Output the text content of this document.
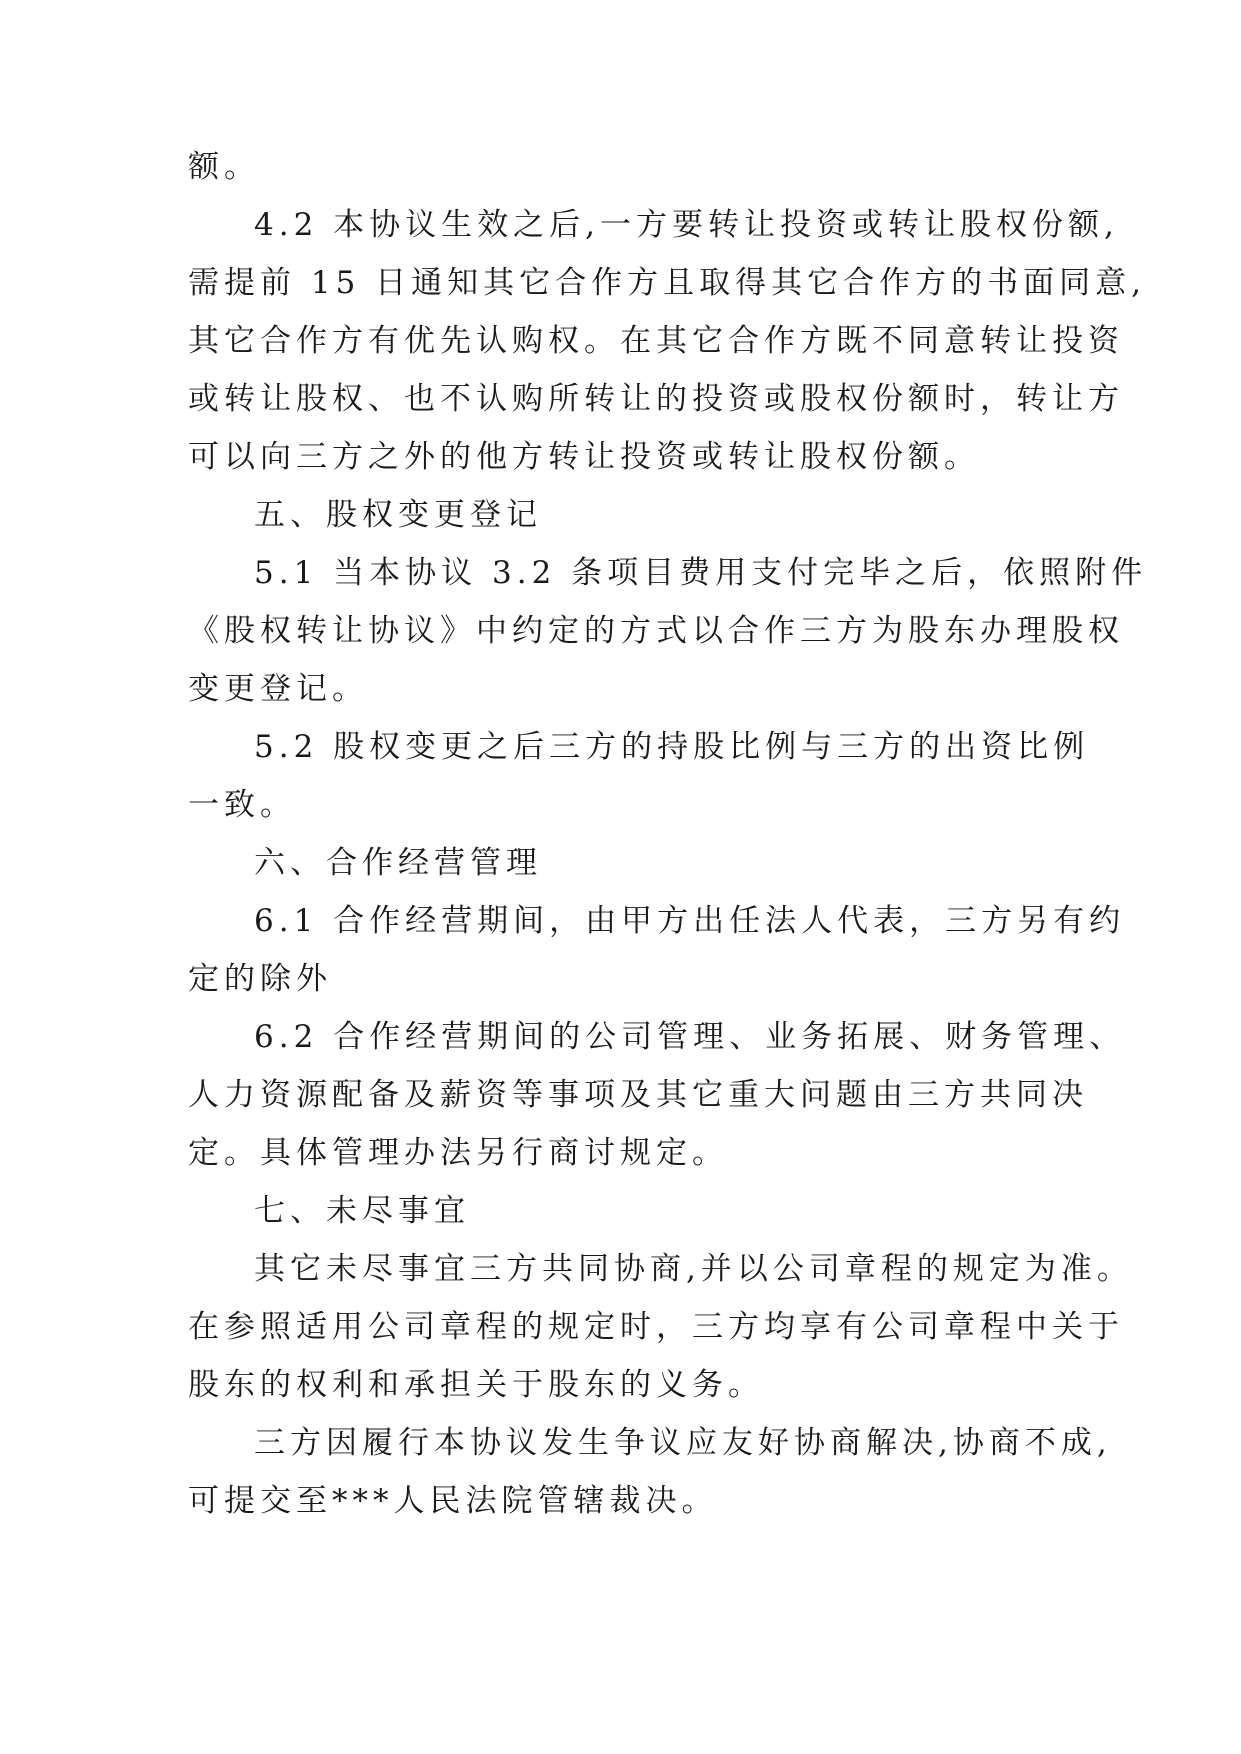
额。
4.2 本协议生效之后,一方要转让投资或转让股权份额,
需提前 15 日通知其它合作方且取得其它合作方的书面同意,
其它合作方有优先认购权。在其它合作方既不同意转让投资
或转让股权、也不认购所转让的投资或股权份额时，转让方
可以向三方之外的他方转让投资或转让股权份额。
五、股权变更登记
5.1 当本协议 3.2 条项目费用支付完毕之后，依照附件
《股权转让协议》中约定的方式以合作三方为股东办理股权
变更登记。
5.2 股权变更之后三方的持股比例与三方的出资比例
一致。
六、合作经营管理
6.1 合作经营期间，由甲方出任法人代表，三方另有约
定的除外
6.2 合作经营期间的公司管理、业务拓展、财务管理、
人力资源配备及薪资等事项及其它重大问题由三方共同决
定。具体管理办法另行商讨规定。
七、未尽事宜
其它未尽事宜三方共同协商,并以公司章程的规定为准。
在参照适用公司章程的规定时，三方均享有公司章程中关于
股东的权利和承担关于股东的义务。
三方因履行本协议发生争议应友好协商解决,协商不成,
可提交至***人民法院管辖裁决。
